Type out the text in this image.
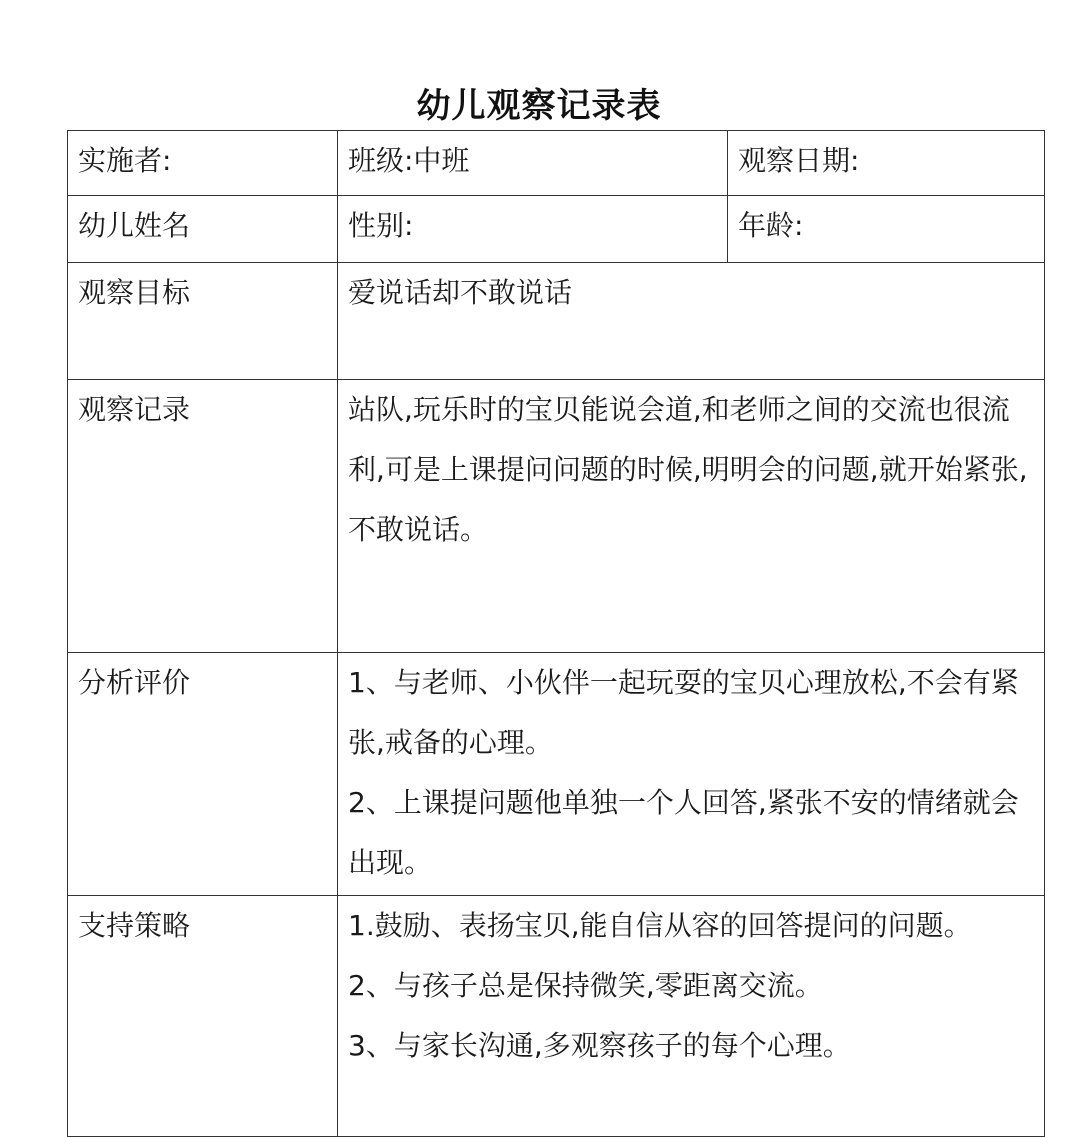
幼儿观察记录表
实施者:	班级:中班	观察日期:
幼儿姓名	性别:	年龄:
观察目标	爱说话却不敢说话	
观察记录	站队,玩乐时的宝贝能说会道,和老师之间的交流也很流利,可是上课提问问题的时候,明明会的问题,就开始紧张,不敢说话。	
分析评价	1、与老师、小伙伴一起玩耍的宝贝心理放松,不会有紧张,戒备的心理。
2、上课提问题他单独一个人回答,紧张不安的情绪就会出现。	

支持策略	1.鼓励、表扬宝贝,能自信从容的回答提问的问题。
2、与孩子总是保持微笑,零距离交流。
3、与家长沟通,多观察孩子的每个心理。	
